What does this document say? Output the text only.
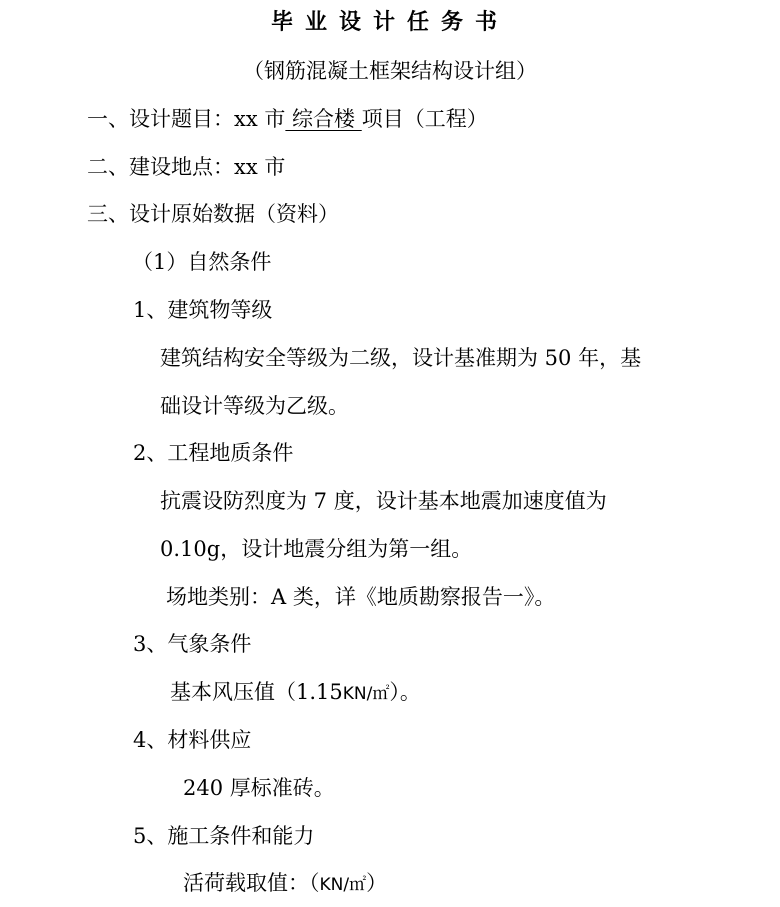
毕业设计任务书
（钢筋混凝土框架结构设计组）
一、设计题目：xx 市 综合楼 项目（工程）
二、建设地点：xx 市
三、设计原始数据（资料）
（1）自然条件
1、建筑物等级
建筑结构安全等级为二级，设计基准期为 50 年，基
础设计等级为乙级。
2、工程地质条件
抗震设防烈度为 7 度，设计基本地震加速度值为
0.10g，设计地震分组为第一组。
场地类别：A 类，详《地质勘察报告一》。
3、气象条件
基本风压值（1.15KN/㎡）。
4、材料供应
240 厚标准砖。
5、施工条件和能力
活荷载取值：（KN/㎡）
